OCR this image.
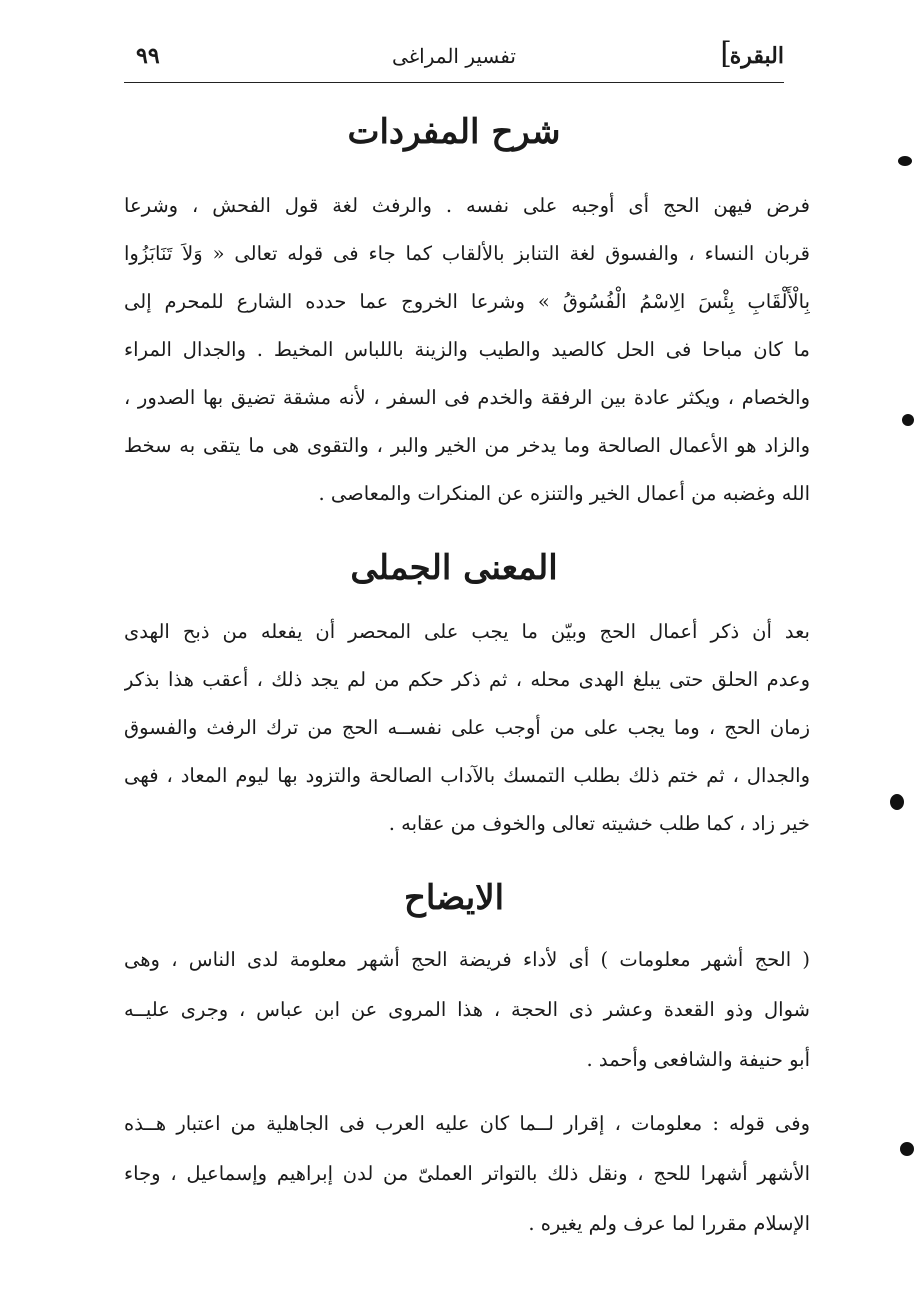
البقرة
]
تفسير المراغى
٩٩
شرح المفردات
فرض فيهن الحج أى أوجبه على نفسه . والرفث لغة قول الفحش ، وشرعا
قربان النساء ، والفسوق لغة التنابز بالألقاب كما جاء فى قوله تعالى « وَلاَ تَنَابَزُوا
بِالْأَلْقَابِ بِئْسَ الِاسْمُ الْفُسُوقُ » وشرعا الخروج عما حدده الشارع للمحرم إلى
ما كان مباحا فى الحل كالصيد والطيب والزينة باللباس المخيط . والجدال المراء
والخصام ، ويكثر عادة بين الرفقة والخدم فى السفر ، لأنه مشقة تضيق بها الصدور ،
والزاد هو الأعمال الصالحة وما يدخر من الخير والبر ، والتقوى هى ما يتقى به سخط
الله وغضبه من أعمال الخير والتنزه عن المنكرات والمعاصى .
المعنى الجملى
بعد أن ذكر أعمال الحج وبيّن ما يجب على المحصر أن يفعله من ذبح الهدى
وعدم الحلق حتى يبلغ الهدى محله ، ثم ذكر حكم من لم يجد ذلك ، أعقب هذا بذكر
زمان الحج ، وما يجب على من أوجب على نفســه الحج من ترك الرفث والفسوق
والجدال ، ثم ختم ذلك بطلب التمسك بالآداب الصالحة والتزود بها ليوم المعاد ، فهى
خير زاد ، كما طلب خشيته تعالى والخوف من عقابه .
الايضاح
( الحج أشهر معلومات ) أى لأداء فريضة الحج أشهر معلومة لدى الناس ، وهى
شوال وذو القعدة وعشر ذى الحجة ، هذا المروى عن ابن عباس ، وجرى عليــه
أبو حنيفة والشافعى وأحمد .
وفى قوله : معلومات ، إقرار لــما كان عليه العرب فى الجاهلية من اعتبار هــذه
الأشهر أشهرا للحج ، ونقل ذلك بالتواتر العملىّ من لدن إبراهيم وإسماعيل ، وجاء
الإسلام مقررا لما عرف ولم يغيره .
